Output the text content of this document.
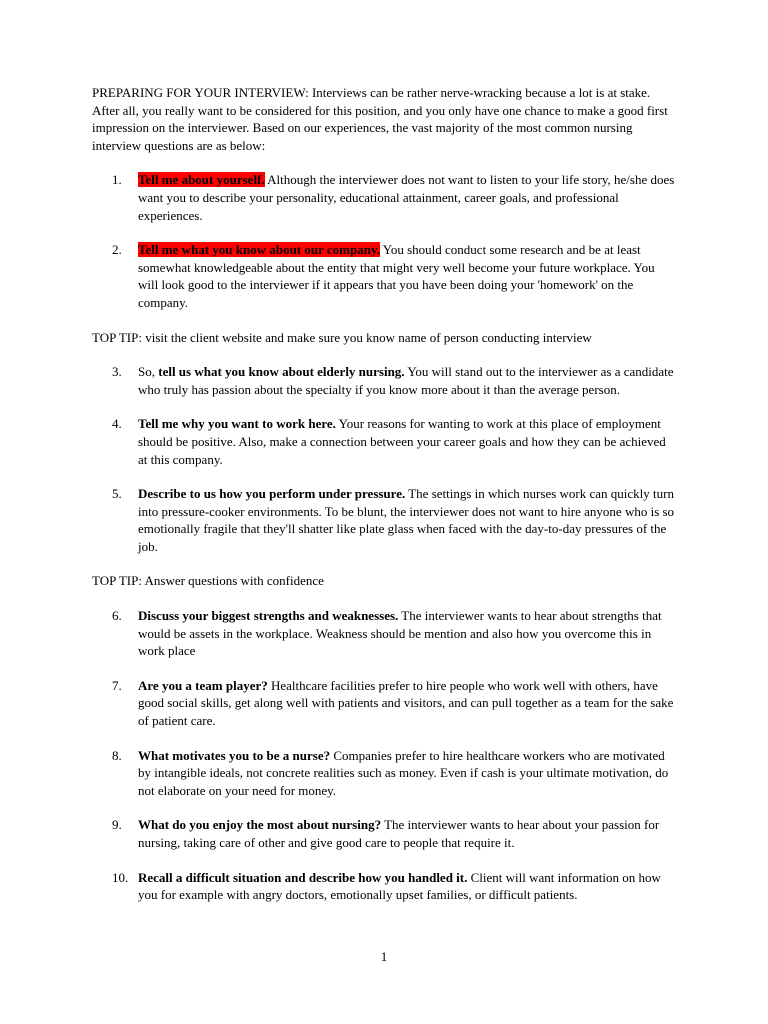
PREPARING FOR YOUR INTERVIEW: Interviews can be rather nerve-wracking because a lot is at stake. After all, you really want to be considered for this position, and you only have one chance to make a good first impression on the interviewer. Based on our experiences, the vast majority of the most common nursing interview questions are as below:

1. Tell me about yourself. Although the interviewer does not want to listen to your life story, he/she does want you to describe your personality, educational attainment, career goals, and professional experiences.
2. Tell me what you know about our company. You should conduct some research and be at least somewhat knowledgeable about the entity that might very well become your future workplace. You will look good to the interviewer if it appears that you have been doing your 'homework' on the company.

TOP TIP: visit the client website and make sure you know name of person conducting interview

3. So, tell us what you know about elderly nursing. You will stand out to the interviewer as a candidate who truly has passion about the specialty if you know more about it than the average person.
4. Tell me why you want to work here. Your reasons for wanting to work at this place of employment should be positive. Also, make a connection between your career goals and how they can be achieved at this company.
5. Describe to us how you perform under pressure. The settings in which nurses work can quickly turn into pressure-cooker environments. To be blunt, the interviewer does not want to hire anyone who is so emotionally fragile that they'll shatter like plate glass when faced with the day-to-day pressures of the job.

TOP TIP: Answer questions with confidence

6. Discuss your biggest strengths and weaknesses. The interviewer wants to hear about strengths that would be assets in the workplace. Weakness should be mention and also how you overcome this in work place
7. Are you a team player? Healthcare facilities prefer to hire people who work well with others, have good social skills, get along well with patients and visitors, and can pull together as a team for the sake of patient care.
8. What motivates you to be a nurse? Companies prefer to hire healthcare workers who are motivated by intangible ideals, not concrete realities such as money. Even if cash is your ultimate motivation, do not elaborate on your need for money.
9. What do you enjoy the most about nursing? The interviewer wants to hear about your passion for nursing, taking care of other and give good care to people that require it.
10. Recall a difficult situation and describe how you handled it. Client will want information on how you for example with angry doctors, emotionally upset families, or difficult patients.
1
